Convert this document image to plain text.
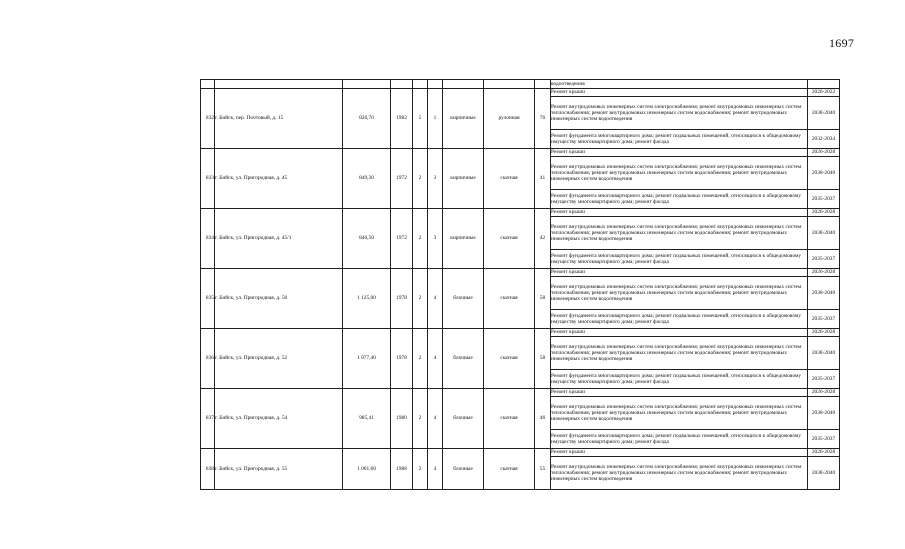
1697
									водоотведения	
832	г. Бийск, пер. Почтовый, д. 15	826,70	1982	5	1	кирпичные	рулонная	76	Ремонт крыши	2020-2022
									Ремонт внутридомовых инженерных систем электроснабжения; ремонт внутридомовых инженерных систем теплоснабжения; ремонт внутридомовых инженерных систем водоснабжения; ремонт внутридомовых инженерных систем водоотведения	2038-2040
									Ремонт фундамента многоквартирного дома; ремонт подвальных помещений, относящихся к общедомовому имуществу многоквартирного дома; ремонт фасада	2032-2034
833	г. Бийск, ул. Пригородная, д. 45	849,30	1972	2	3	кирпичные	скатная	41	Ремонт крыши	2026-2028
									Ремонт внутридомовых инженерных систем электроснабжения; ремонт внутридомовых инженерных систем теплоснабжения; ремонт внутридомовых инженерных систем водоснабжения; ремонт внутридомовых инженерных систем водоотведения	2038-2040
									Ремонт фундамента многоквартирного дома; ремонт подвальных помещений, относящихся к общедомовому имуществу многоквартирного дома; ремонт фасада	2035-2037
834	г. Бийск, ул. Пригородная, д. 45/1	846,50	1972	2	3	кирпичные	скатная	42	Ремонт крыши	2026-2028
									Ремонт внутридомовых инженерных систем электроснабжения; ремонт внутридомовых инженерных систем теплоснабжения; ремонт внутридомовых инженерных систем водоснабжения; ремонт внутридомовых инженерных систем водоотведения	2038-2040
									Ремонт фундамента многоквартирного дома; ремонт подвальных помещений, относящихся к общедомовому имуществу многоквартирного дома; ремонт фасада	2035-2037
835	г. Бийск, ул. Пригородная, д. 50	1 125,00	1978	2	4	блочные	скатная	58	Ремонт крыши	2026-2028
									Ремонт внутридомовых инженерных систем электроснабжения; ремонт внутридомовых инженерных систем теплоснабжения; ремонт внутридомовых инженерных систем водоснабжения; ремонт внутридомовых инженерных систем водоотведения	2038-2040
									Ремонт фундамента многоквартирного дома; ремонт подвальных помещений, относящихся к общедомовому имуществу многоквартирного дома; ремонт фасада	2035-2037
836	г. Бийск, ул. Пригородная, д. 52	1 077,40	1978	2	4	блочные	скатная	58	Ремонт крыши	2026-2028
									Ремонт внутридомовых инженерных систем электроснабжения; ремонт внутридомовых инженерных систем теплоснабжения; ремонт внутридомовых инженерных систем водоснабжения; ремонт внутридомовых инженерных систем водоотведения	2038-2040
									Ремонт фундамента многоквартирного дома; ремонт подвальных помещений, относящихся к общедомовому имуществу многоквартирного дома; ремонт фасада	2035-2037
837	г. Бийск, ул. Пригородная, д. 54	985,41	1980	2	4	блочные	скатная	46	Ремонт крыши	2026-2028
									Ремонт внутридомовых инженерных систем электроснабжения; ремонт внутридомовых инженерных систем теплоснабжения; ремонт внутридомовых инженерных систем водоснабжения; ремонт внутридомовых инженерных систем водоотведения	2038-2040
									Ремонт фундамента многоквартирного дома; ремонт подвальных помещений, относящихся к общедомовому имуществу многоквартирного дома; ремонт фасада	2035-2037
838	г. Бийск, ул. Пригородная, д. 55	1 061,60	1988	2	4	блочные	скатная	55	Ремонт крыши	2026-2028
									Ремонт внутридомовых инженерных систем электроснабжения; ремонт внутридомовых инженерных систем теплоснабжения; ремонт внутридомовых инженерных систем водоснабжения; ремонт внутридомовых инженерных систем водоотведения	2038-2040
